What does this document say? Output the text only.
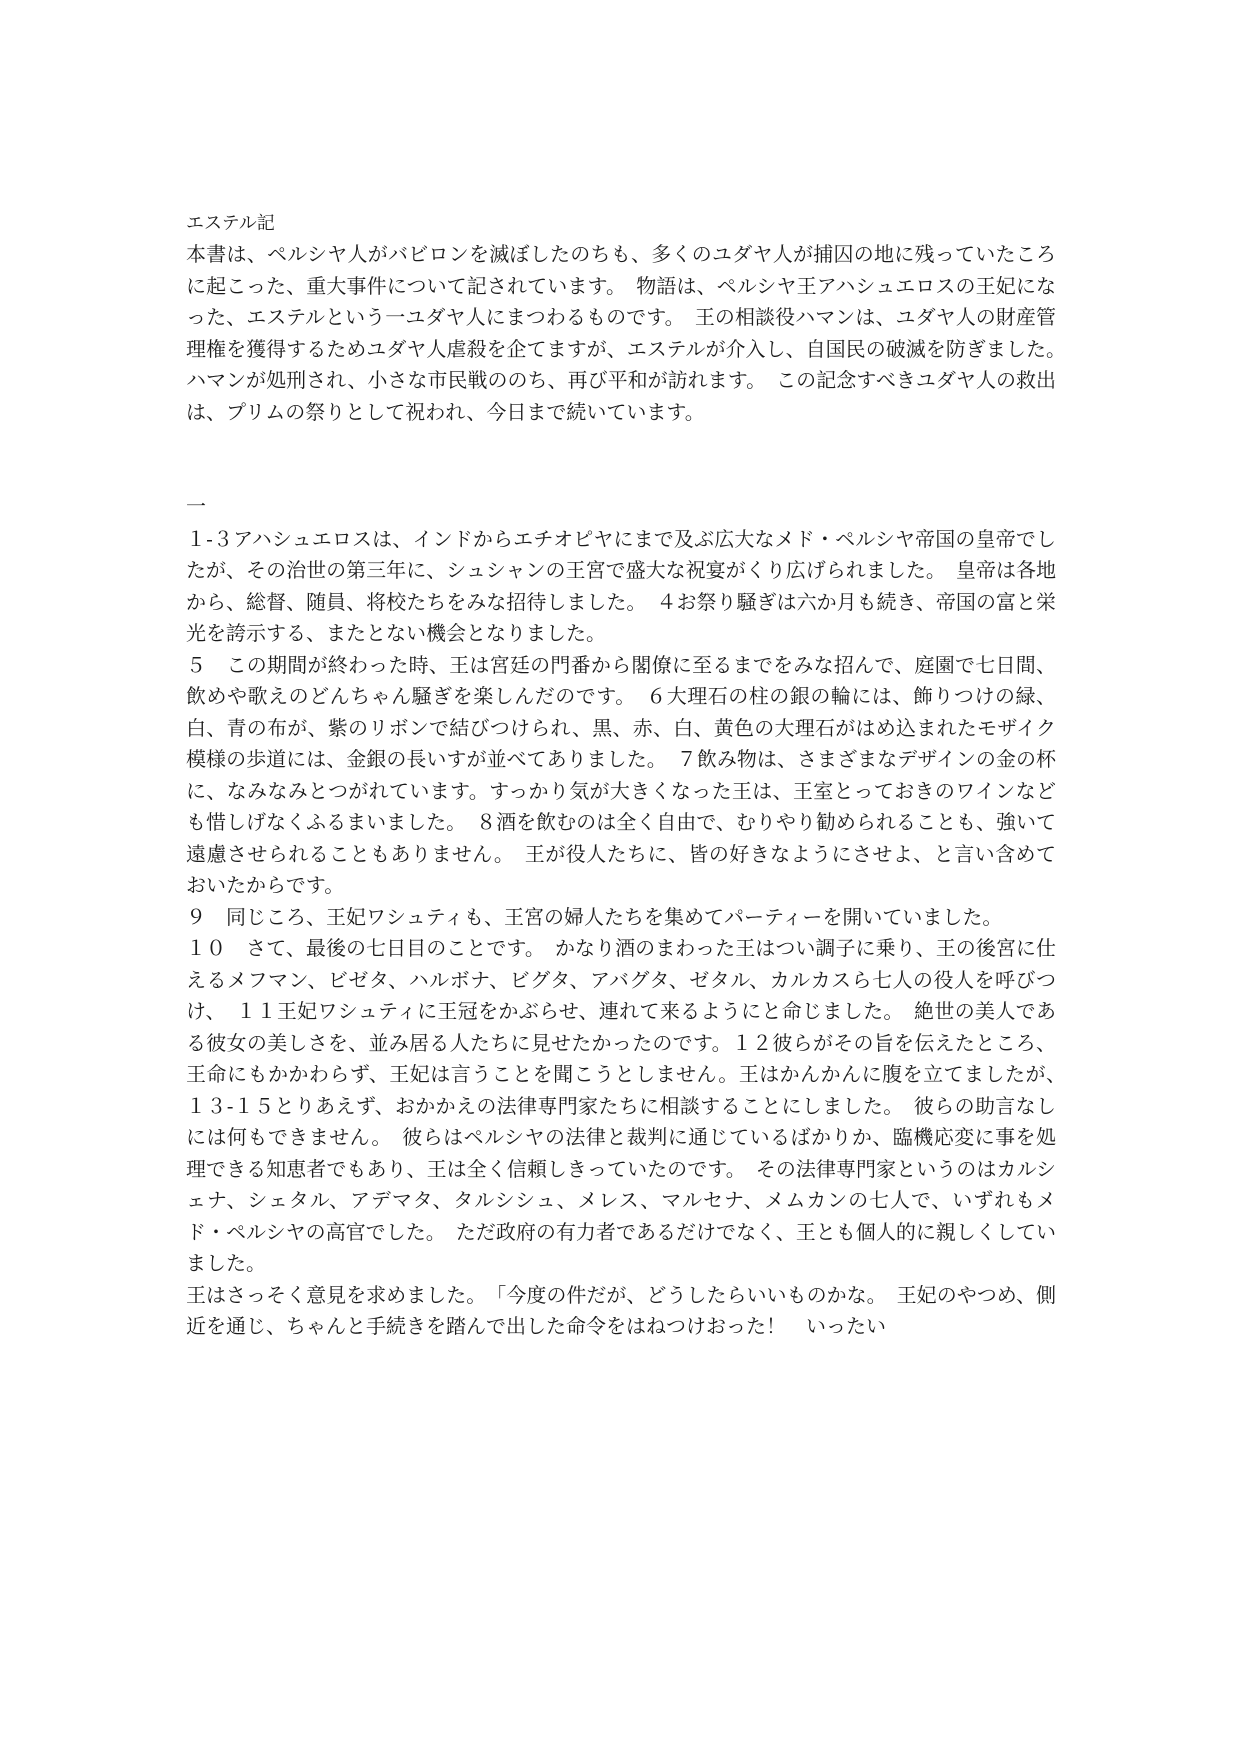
エステル記

本書は、ペルシヤ人がバビロンを滅ぼしたのちも、多くのユダヤ人が捕囚の地に残っていたころに起こった、重大事件について記されています。　物語は、ペルシヤ王アハシュエロスの王妃になった、エステルという一ユダヤ人にまつわるものです。　王の相談役ハマンは、ユダヤ人の財産管理権を獲得するためユダヤ人虐殺を企てますが、エステルが介入し、自国民の破滅を防ぎました。　ハマンが処刑され、小さな市民戦ののち、再び平和が訪れます。　この記念すべきユダヤ人の救出は、プリムの祭りとして祝われ、今日まで続いています。

一

１‐３アハシュエロスは、インドからエチオピヤにまで及ぶ広大なメド・ペルシヤ帝国の皇帝でしたが、その治世の第三年に、シュシャンの王宮で盛大な祝宴がくり広げられました。　皇帝は各地から、総督、随員、将校たちをみな招待しました。　４お祭り騒ぎは六か月も続き、帝国の富と栄光を誇示する、またとない機会となりました。

５　この期間が終わった時、王は宮廷の門番から閣僚に至るまでをみな招んで、庭園で七日間、飲めや歌えのどんちゃん騒ぎを楽しんだのです。　６大理石の柱の銀の輪には、飾りつけの緑、白、青の布が、紫のリボンで結びつけられ、黒、赤、白、黄色の大理石がはめ込まれたモザイク模様の歩道には、金銀の長いすが並べてありました。　７飲み物は、さまざまなデザインの金の杯に、なみなみとつがれています。すっかり気が大きくなった王は、王室とっておきのワインなども惜しげなくふるまいました。　８酒を飲むのは全く自由で、むりやり勧められることも、強いて遠慮させられることもありません。　王が役人たちに、皆の好きなようにさせよ、と言い含めておいたからです。

９　同じころ、王妃ワシュティも、王宮の婦人たちを集めてパーティーを開いていました。

１０　さて、最後の七日目のことです。　かなり酒のまわった王はつい調子に乗り、王の後宮に仕えるメフマン、ビゼタ、ハルボナ、ビグタ、アバグタ、ゼタル、カルカスら七人の役人を呼びつけ、　１１王妃ワシュティに王冠をかぶらせ、連れて来るようにと命じました。　絶世の美人である彼女の美しさを、並み居る人たちに見せたかったのです。１２彼らがその旨を伝えたところ、王命にもかかわらず、王妃は言うことを聞こうとしません。王はかんかんに腹を立てましたが、　１３‐１５とりあえず、おかかえの法律専門家たちに相談することにしました。　彼らの助言なしには何もできません。　彼らはペルシヤの法律と裁判に通じているばかりか、臨機応変に事を処理できる知恵者でもあり、王は全く信頼しきっていたのです。　その法律専門家というのはカルシェナ、シェタル、アデマタ、タルシシュ、メレス、マルセナ、メムカンの七人で、いずれもメド・ペルシヤの高官でした。　ただ政府の有力者であるだけでなく、王とも個人的に親しくしていました。

王はさっそく意見を求めました。　「今度の件だが、どうしたらいいものかな。　王妃のやつめ、側近を通じ、ちゃんと手続きを踏んで出した命令をはねつけおった！　いったい
